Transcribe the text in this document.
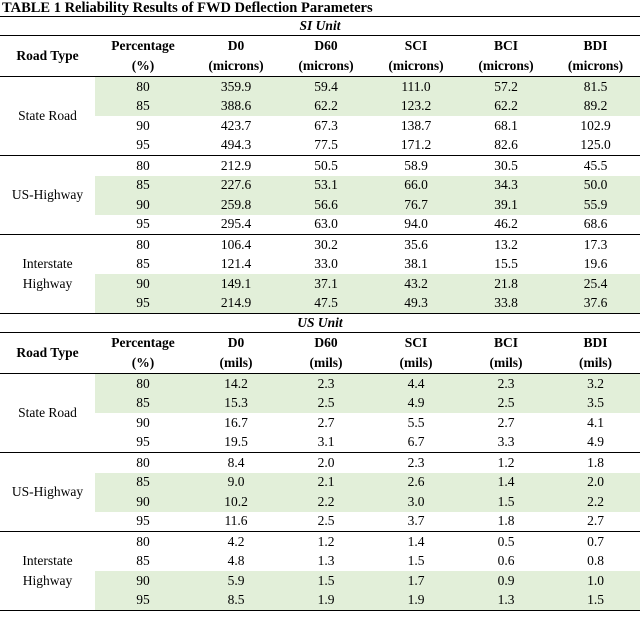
TABLE 1 Reliability Results of FWD Deflection Parameters
SI Unit						
Road Type	Percentage	D0	D60	SCI	BCI	BDI
	(%)	(microns)	(microns)	(microns)	(microns)	(microns)
State Road	80	359.9	59.4	111.0	57.2	81.5
	85	388.6	62.2	123.2	62.2	89.2
	90	423.7	67.3	138.7	68.1	102.9
	95	494.3	77.5	171.2	82.6	125.0
US-Highway	80	212.9	50.5	58.9	30.5	45.5
	85	227.6	53.1	66.0	34.3	50.0
	90	259.8	56.6	76.7	39.1	55.9
	95	295.4	63.0	94.0	46.2	68.6
Interstate
Highway	80	106.4	30.2	35.6	13.2	17.3
	85	121.4	33.0	38.1	15.5	19.6
	90	149.1	37.1	43.2	21.8	25.4
	95	214.9	47.5	49.3	33.8	37.6
US Unit						
Road Type	Percentage	D0	D60	SCI	BCI	BDI
	(%)	(mils)	(mils)	(mils)	(mils)	(mils)
State Road	80	14.2	2.3	4.4	2.3	3.2
	85	15.3	2.5	4.9	2.5	3.5
	90	16.7	2.7	5.5	2.7	4.1
	95	19.5	3.1	6.7	3.3	4.9
US-Highway	80	8.4	2.0	2.3	1.2	1.8
	85	9.0	2.1	2.6	1.4	2.0
	90	10.2	2.2	3.0	1.5	2.2
	95	11.6	2.5	3.7	1.8	2.7
Interstate
Highway	80	4.2	1.2	1.4	0.5	0.7
	85	4.8	1.3	1.5	0.6	0.8
	90	5.9	1.5	1.7	0.9	1.0
	95	8.5	1.9	1.9	1.3	1.5
